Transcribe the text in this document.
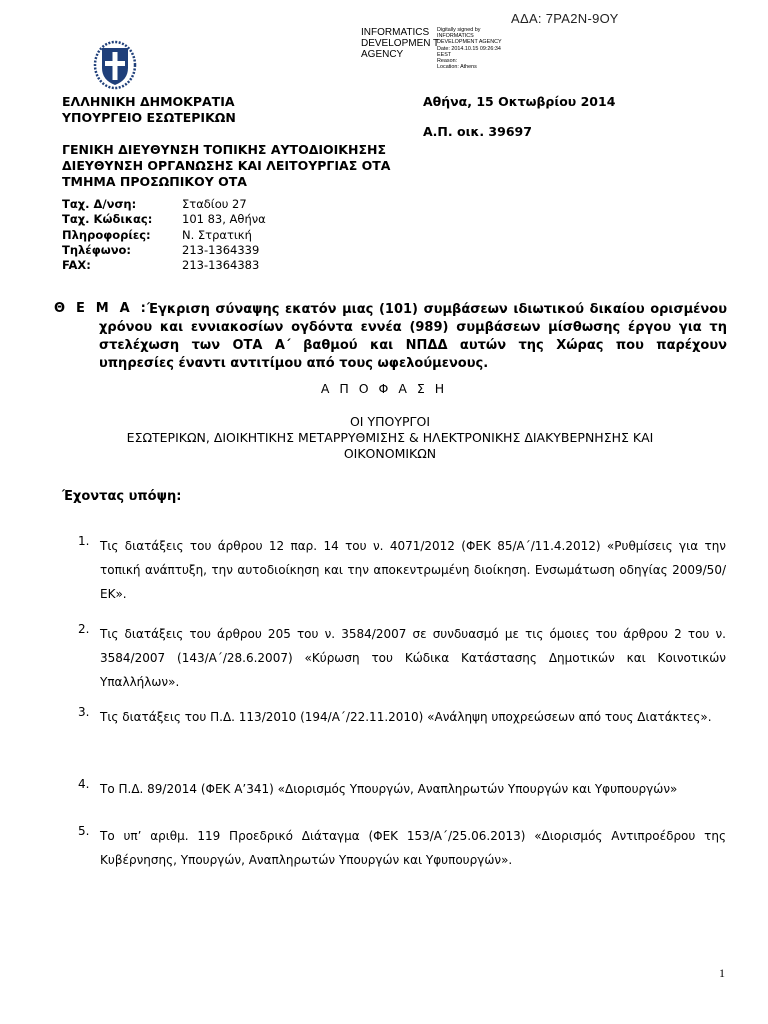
ΑΔΑ: 7ΡΑ2Ν-9ΟΥ
INFORMATICS DEVELOPMEN T AGENCY
Digitally signed by
INFORMATICS
DEVELOPMENT AGENCY
Date: 2014.10.15 09:26:34
EEST
Reason:
Location: Athens
ΕΛΛΗΝΙΚΗ ΔΗΜΟΚΡΑΤΙΑ
ΥΠΟΥΡΓΕΙΟ ΕΣΩΤΕΡΙΚΩΝ
Αθήνα, 15 Οκτωβρίου 2014
Α.Π. οικ. 39697
ΓΕΝΙΚΗ ΔΙΕΥΘΥΝΣΗ ΤΟΠΙΚΗΣ ΑΥΤΟΔΙΟΙΚΗΣΗΣ
ΔΙΕΥΘΥΝΣΗ ΟΡΓΑΝΩΣΗΣ ΚΑΙ ΛΕΙΤΟΥΡΓΙΑΣ ΟΤΑ
ΤΜΗΜΑ ΠΡΟΣΩΠΙΚΟΥ ΟΤΑ
Ταχ. Δ/νση:	Σταδίου 27
Ταχ. Κώδικας:	101 83, Αθήνα
Πληροφορίες:	Ν. Στρατική
Τηλέφωνο:	213-1364339
FAX:	213-1364383
Θ Ε Μ Α :
Έγκριση σύναψης εκατόν μιας (101) συμβάσεων ιδιωτικού δικαίου ορισμένου
χρόνου και εννιακοσίων ογδόντα εννέα (989) συμβάσεων μίσθωσης έργου για τη
στελέχωση των ΟΤΑ Α΄ βαθμού και ΝΠΔΔ αυτών της Χώρας που παρέχουν
υπηρεσίες έναντι αντιτίμου από τους ωφελούμενους.
Α Π Ο Φ Α Σ Η
ΟΙ ΥΠΟΥΡΓΟΙ
ΕΣΩΤΕΡΙΚΩΝ, ΔΙΟΙΚΗΤΙΚΗΣ ΜΕΤΑΡΡΥΘΜΙΣΗΣ & ΗΛΕΚΤΡΟΝΙΚΗΣ ΔΙΑΚΥΒΕΡΝΗΣΗΣ ΚΑΙ
ΟΙΚΟΝΟΜΙΚΩΝ
Έχοντας υπόψη:
1. Τις διατάξεις του άρθρου 12 παρ. 14 του ν. 4071/2012 (ΦΕΚ 85/Α΄/11.4.2012) «Ρυθμίσεις για την τοπική ανάπτυξη, την αυτοδιοίκηση και την αποκεντρωμένη διοίκηση. Ενσωμάτωση οδηγίας 2009/50/ΕΚ».
2. Τις διατάξεις του άρθρου 205 του ν. 3584/2007 σε συνδυασμό με τις όμοιες του άρθρου 2 του ν. 3584/2007 (143/Α΄/28.6.2007) «Κύρωση του Κώδικα Κατάστασης Δημοτικών και Κοινοτικών Υπαλλήλων».
3. Τις διατάξεις του Π.Δ. 113/2010 (194/Α΄/22.11.2010) «Ανάληψη υποχρεώσεων από τους Διατάκτες».
4. Το Π.Δ. 89/2014 (ΦΕΚ Α’341) «Διορισμός Υπουργών, Αναπληρωτών Υπουργών και Υφυπουργών»
5. Το υπ’ αριθμ. 119 Προεδρικό Διάταγμα (ΦΕΚ 153/Α΄/25.06.2013) «Διορισμός Αντιπροέδρου της Κυβέρνησης, Υπουργών, Αναπληρωτών Υπουργών και Υφυπουργών».
1
